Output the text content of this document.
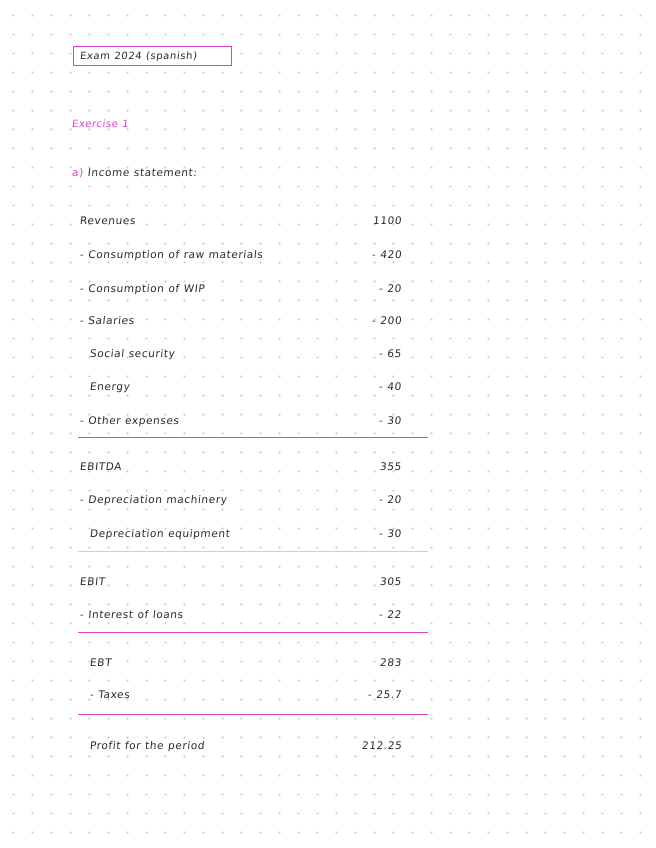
Exam 2024 (spanish)
Exercise 1
a) Income statement:
Revenues	1100
- Consumption of raw materials	- 420
- Consumption of WIP	- 20
- Salaries	- 200
Social security	- 65
Energy	- 40
- Other expenses	- 30
EBITDA	355
- Depreciation machinery	- 20
Depreciation equipment	- 30
EBIT	305
- Interest of loans	- 22
EBT	283
- Taxes	- 25.7
Profit for the period	212.25
